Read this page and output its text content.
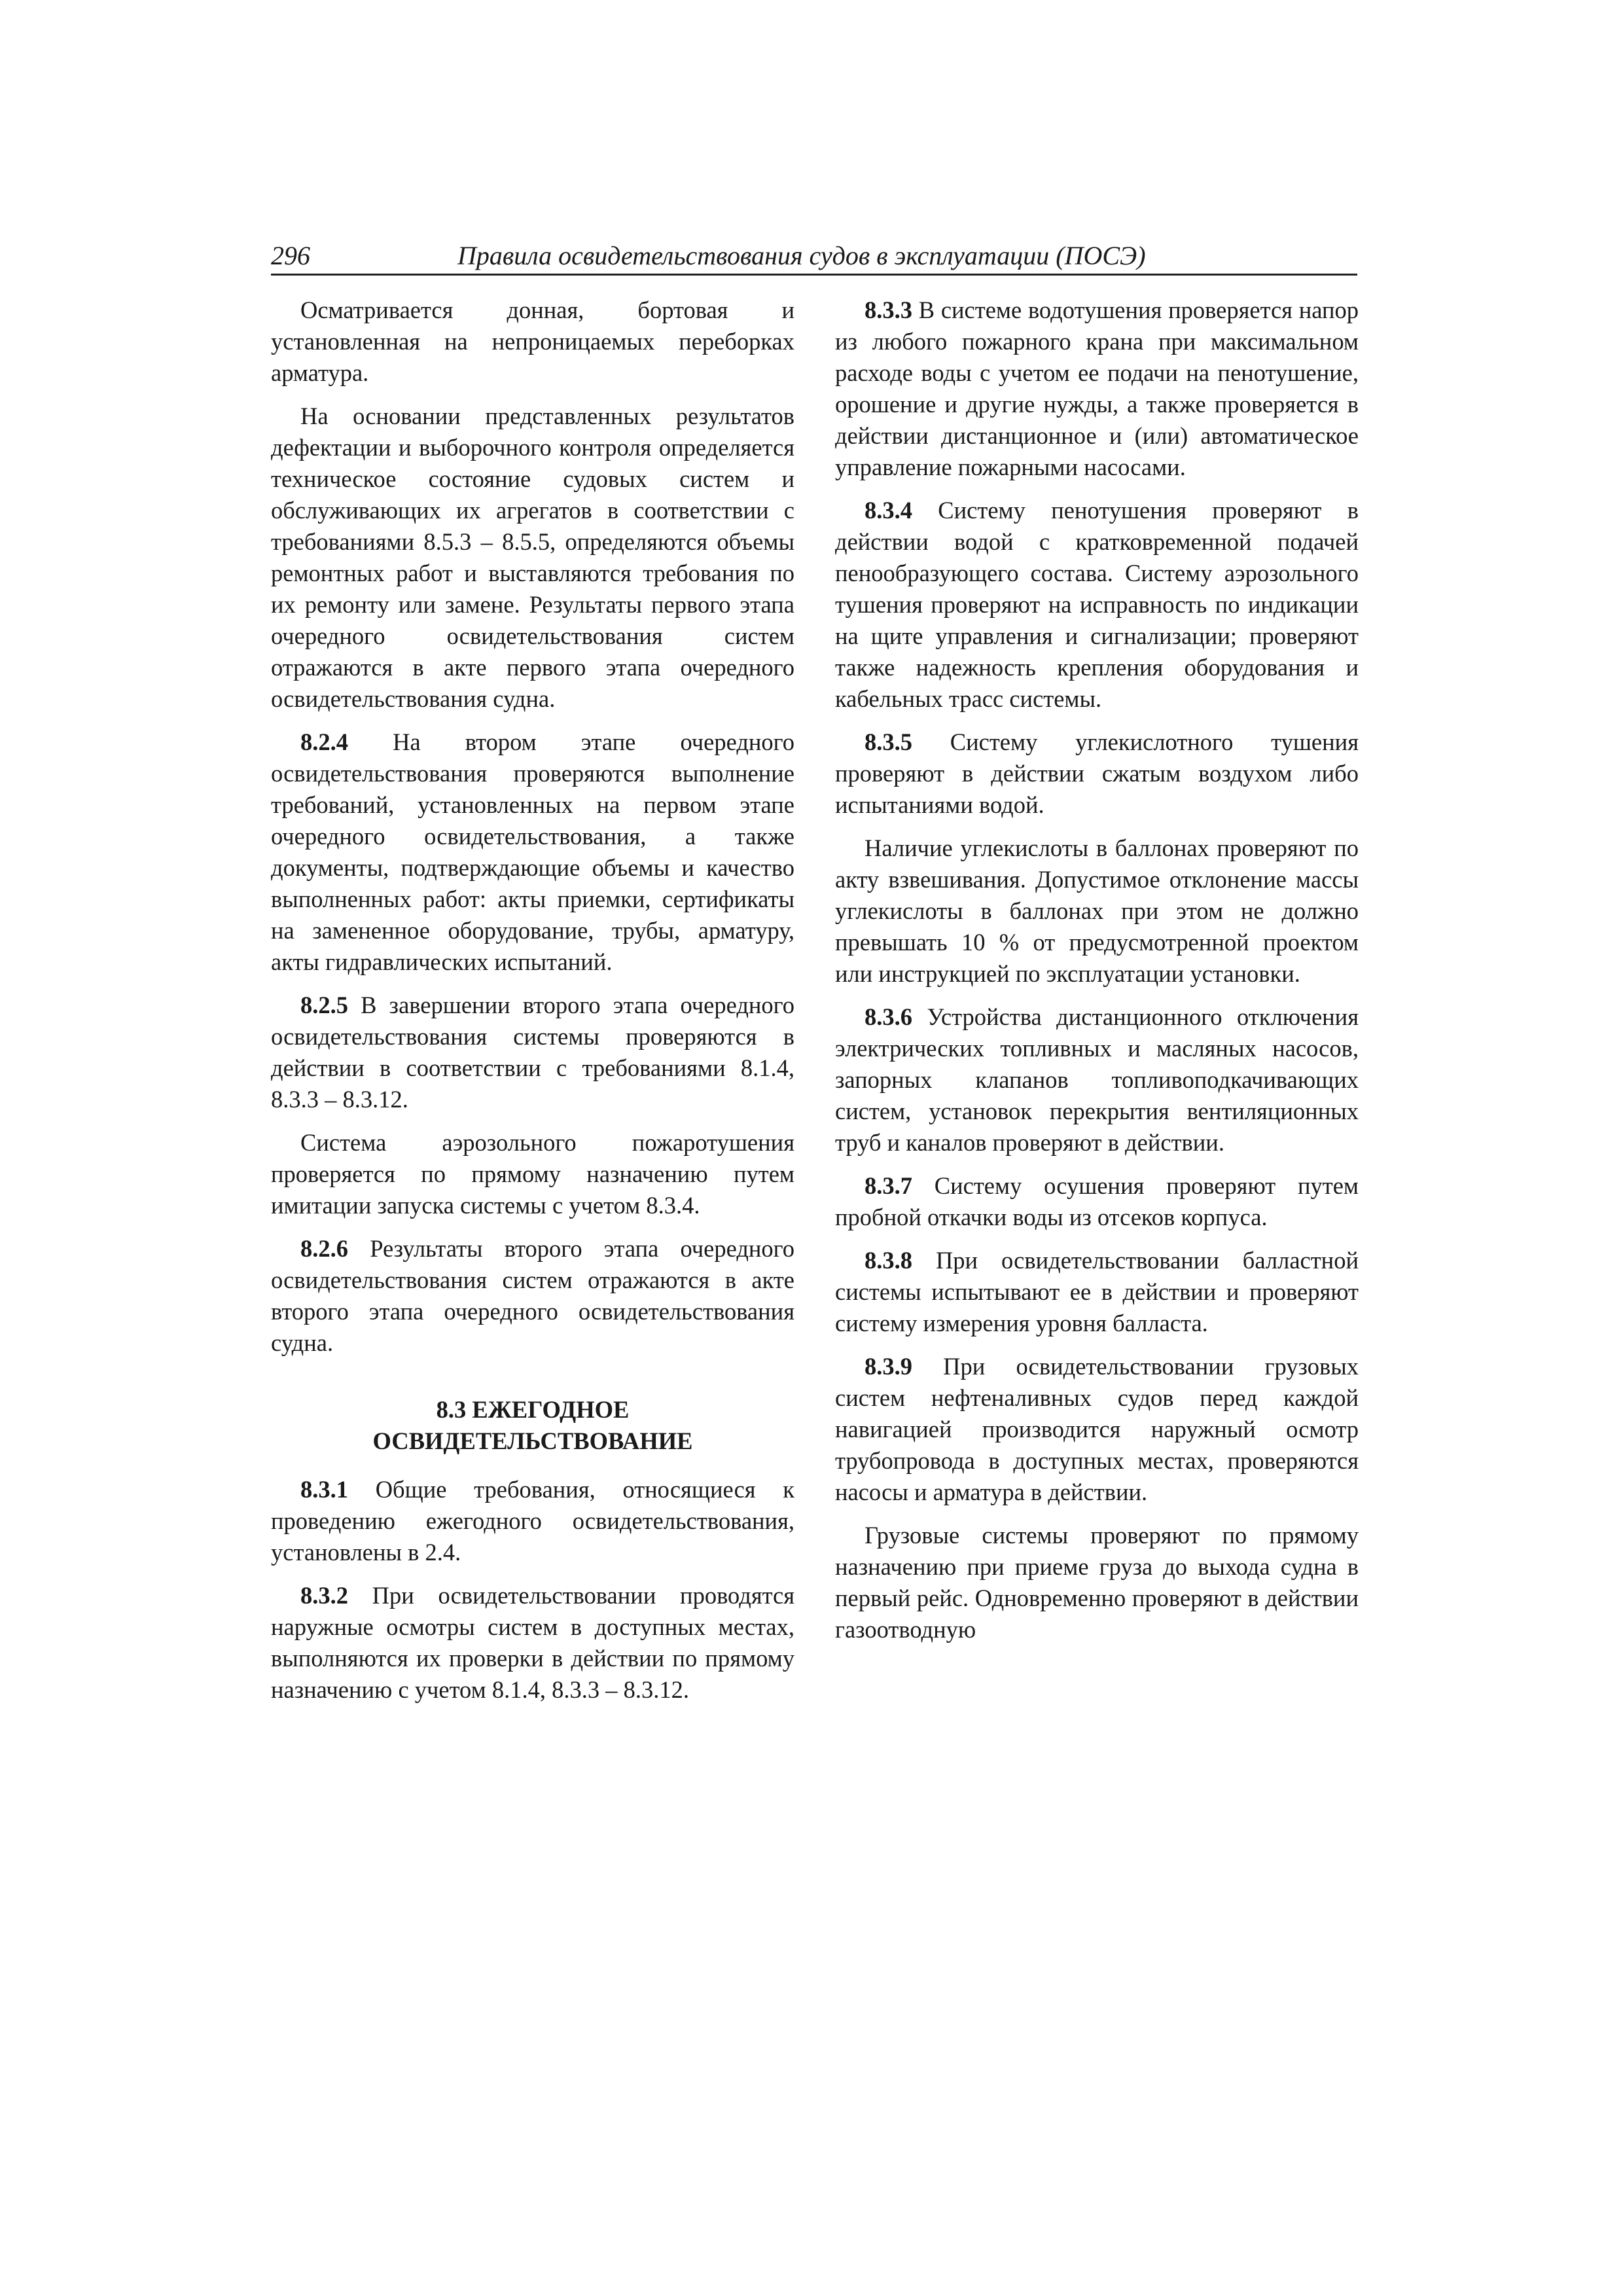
296	Правила освидетельствования судов в эксплуатации (ПОСЭ)

Осматривается донная, бортовая и установленная на непроницаемых переборках арматура.

На основании представленных результатов дефектации и выборочного контроля определяется техническое состояние судовых систем и обслуживающих их агрегатов в соответствии с требованиями 8.5.3 – 8.5.5, определяются объемы ремонтных работ и выставляются требования по их ремонту или замене. Результаты первого этапа очередного освидетельствования систем отражаются в акте первого этапа очередного освидетельствования судна.

8.2.4 На втором этапе очередного освидетельствования проверяются выполнение требований, установленных на первом этапе очередного освидетельствования, а также документы, подтверждающие объемы и качество выполненных работ: акты приемки, сертификаты на замененное оборудование, трубы, арматуру, акты гидравлических испытаний.

8.2.5 В завершении второго этапа очередного освидетельствования системы проверяются в действии в соответствии с требованиями 8.1.4, 8.3.3 – 8.3.12.

Система аэрозольного пожаротушения проверяется по прямому назначению путем имитации запуска системы с учетом 8.3.4.

8.2.6 Результаты второго этапа очередного освидетельствования систем отражаются в акте второго этапа очередного освидетельствования судна.

8.3 ЕЖЕГОДНОЕ
ОСВИДЕТЕЛЬСТВОВАНИЕ

8.3.1 Общие требования, относящиеся к проведению ежегодного освидетельствования, установлены в 2.4.

8.3.2 При освидетельствовании проводятся наружные осмотры систем в доступных местах, выполняются их проверки в действии по прямому назначению с учетом 8.1.4, 8.3.3 – 8.3.12.

8.3.3 В системе водотушения проверяется напор из любого пожарного крана при максимальном расходе воды с учетом ее подачи на пенотушение, орошение и другие нужды, а также проверяется в действии дистанционное и (или) автоматическое управление пожарными насосами.

8.3.4 Систему пенотушения проверяют в действии водой с кратковременной подачей пенообразующего состава. Систему аэрозольного тушения проверяют на исправность по индикации на щите управления и сигнализации; проверяют также надежность крепления оборудования и кабельных трасс системы.

8.3.5 Систему углекислотного тушения проверяют в действии сжатым воздухом либо испытаниями водой.

Наличие углекислоты в баллонах проверяют по акту взвешивания. Допустимое отклонение массы углекислоты в баллонах при этом не должно превышать 10 % от предусмотренной проектом или инструкцией по эксплуатации установки.

8.3.6 Устройства дистанционного отключения электрических топливных и масляных насосов, запорных клапанов топливоподкачивающих систем, установок перекрытия вентиляционных труб и каналов проверяют в действии.

8.3.7 Систему осушения проверяют путем пробной откачки воды из отсеков корпуса.

8.3.8 При освидетельствовании балластной системы испытывают ее в действии и проверяют систему измерения уровня балласта.

8.3.9 При освидетельствовании грузовых систем нефтеналивных судов перед каждой навигацией производится наружный осмотр трубопровода в доступных местах, проверяются насосы и арматура в действии.

Грузовые системы проверяют по прямому назначению при приеме груза до выхода судна в первый рейс. Одновременно проверяют в действии газоотводную
